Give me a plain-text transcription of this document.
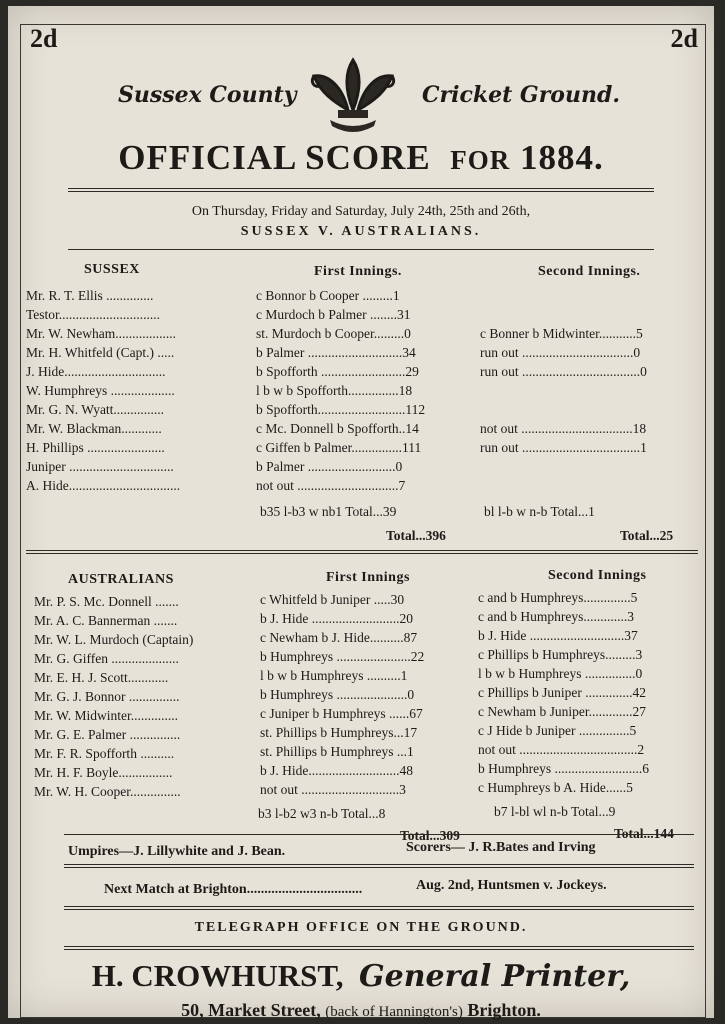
2d	2d
Sussex County	Cricket Ground.
OFFICIAL SCORE FOR 1884.
On Thursday, Friday and Saturday, July 24th, 25th and 26th,
SUSSEX V. AUSTRALIANS.
SUSSEX	First Innings.	Second Innings.
Mr. R. T. Ellis ..............	c Bonnor b Cooper .........1
Testor..............................	c Murdoch b Palmer ........31
Mr. W. Newham..................	st. Murdoch b Cooper.........0	c Bonner b Midwinter...........5
Mr. H. Whitfeld (Capt.) .....	b Palmer ............................34	run out .................................0
J. Hide..............................	b Spofforth .........................29	run out ...................................0
W. Humphreys ...................	l b w b Spofforth...............18
Mr. G. N. Wyatt...............	b Spofforth..........................112
Mr. W. Blackman............	c Mc. Donnell b Spofforth..14	not out .................................18
H. Phillips .......................	c Giffen b Palmer...............111	run out ...................................1
Juniper ...............................	b Palmer ..........................0
A. Hide.................................	not out ..............................7
b35 l-b3 w nb1 Total...39	bl l-b w n-b Total...1
Total...396	Total...25
AUSTRALIANS	First Innings	Second Innings
Mr. P. S. Mc. Donnell .......	c Whitfeld b Juniper .....30	c and b Humphreys..............5
Mr. A. C. Bannerman .......	b J. Hide ..........................20	c and b Humphreys.............3
Mr. W. L. Murdoch (Captain)	c Newham b J. Hide..........87	b J. Hide ............................37
Mr. G. Giffen ....................	b Humphreys ......................22	c Phillips b Humphreys.........3
Mr. E. H. J. Scott............	l b w b Humphreys ..........1	l b w b Humphreys ...............0
Mr. G. J. Bonnor ...............	b Humphreys .....................0	c Phillips b Juniper ..............42
Mr. W. Midwinter..............	c Juniper b Humphreys ......67	c Newham b Juniper.............27
Mr. G. E. Palmer ...............	st. Phillips b Humphreys...17	c J Hide b Juniper ...............5
Mr. F. R. Spofforth ..........	st. Phillips b Humphreys ...1	not out ...................................2
Mr. H. F. Boyle................	b J. Hide...........................48	b Humphreys ..........................6
Mr. W. H. Cooper...............	not out .............................3	c Humphreys b A. Hide......5
b3 l-b2 w3 n-b Total...8	b7 l-bl wl n-b Total...9
Total...309	Total...144
Umpires—J. Lillywhite and J. Bean.	Scorers— J. R.Bates and Irving
Next Match at Brighton.................................	Aug. 2nd, Huntsmen v. Jockeys.
TELEGRAPH OFFICE ON THE GROUND.
H. CROWHURST, General Printer,
50, Market Street, (back of Hannington's) Brighton.
